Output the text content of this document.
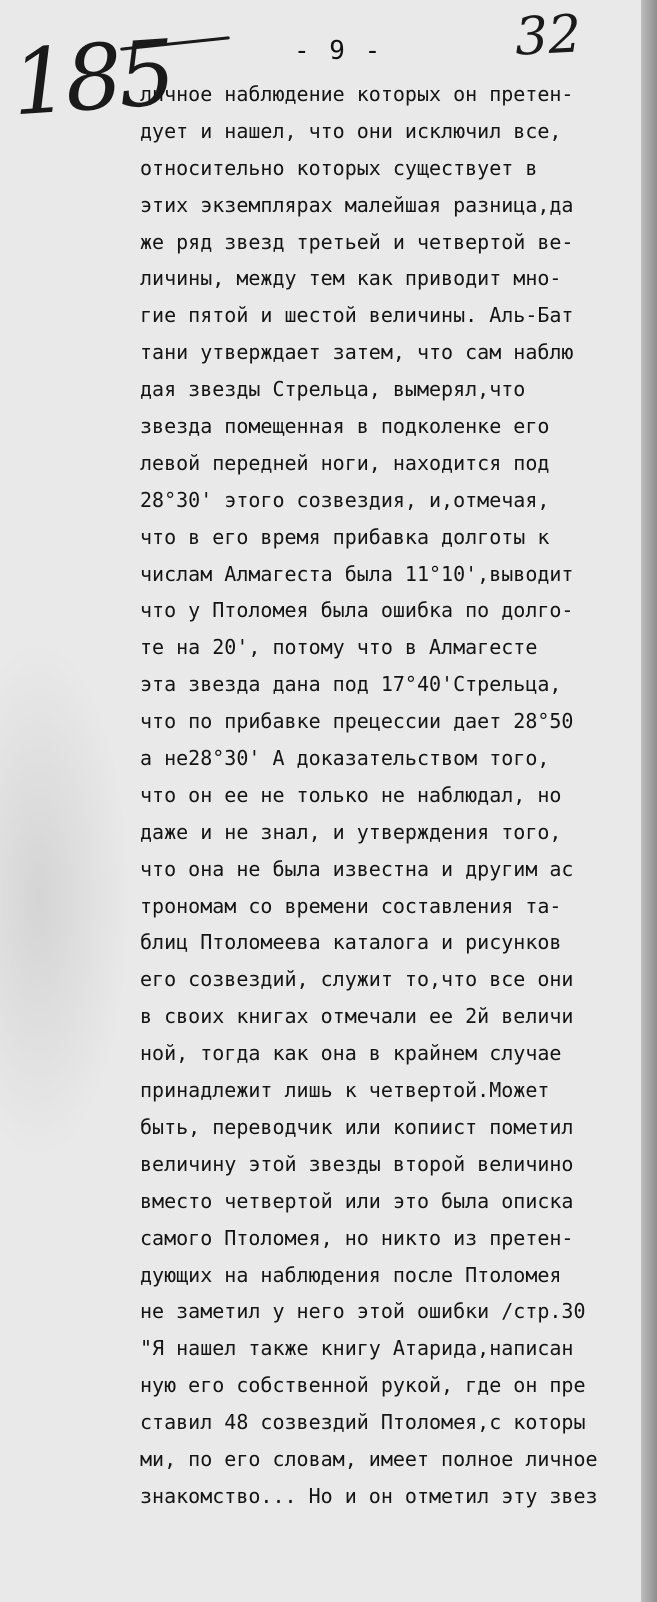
185	32
- 9 -
личное наблюдение которых он претен-
дует и нашел, что они исключил все,
относительно которых существует в
этих экземплярах малейшая разница,да
же ряд звезд третьей и четвертой ве-
личины, между тем как приводит мно-
гие пятой и шестой величины. Аль-Бат
тани утверждает затем, что сам наблю
дая звезды Стрельца, вымерял,что
звезда помещенная в подколенке его
левой передней ноги, находится под
28°30' этого созвездия, и,отмечая,
что в его время прибавка долготы к
числам Алмагеста была 11°10',выводит
что у Птоломея была ошибка по долго-
те на 20', потому что в Алмагесте
эта звезда дана под 17°40'Стрельца,
что по прибавке прецессии дает 28°50
а не28°30' А доказательством того,
что он ее не только не наблюдал, но
даже и не знал, и утверждения того,
что она не была известна и другим ас
трономам со времени составления та-
блиц Птоломеева каталога и рисунков
его созвездий, служит то,что все они
в своих книгах отмечали ее 2й величи
ной, тогда как она в крайнем случае
принадлежит лишь к четвертой.Может
быть, переводчик или копиист пометил
величину этой звезды второй величино
вместо четвертой или это была описка
самого Птоломея, но никто из претен-
дующих на наблюдения после Птоломея
не заметил у него этой ошибки /стр.30
"Я нашел также книгу Атарида,написан
ную его собственной рукой, где он пре
ставил 48 созвездий Птоломея,с которы
ми, по его словам, имеет полное личное
знакомство... Но и он отметил эту звез
